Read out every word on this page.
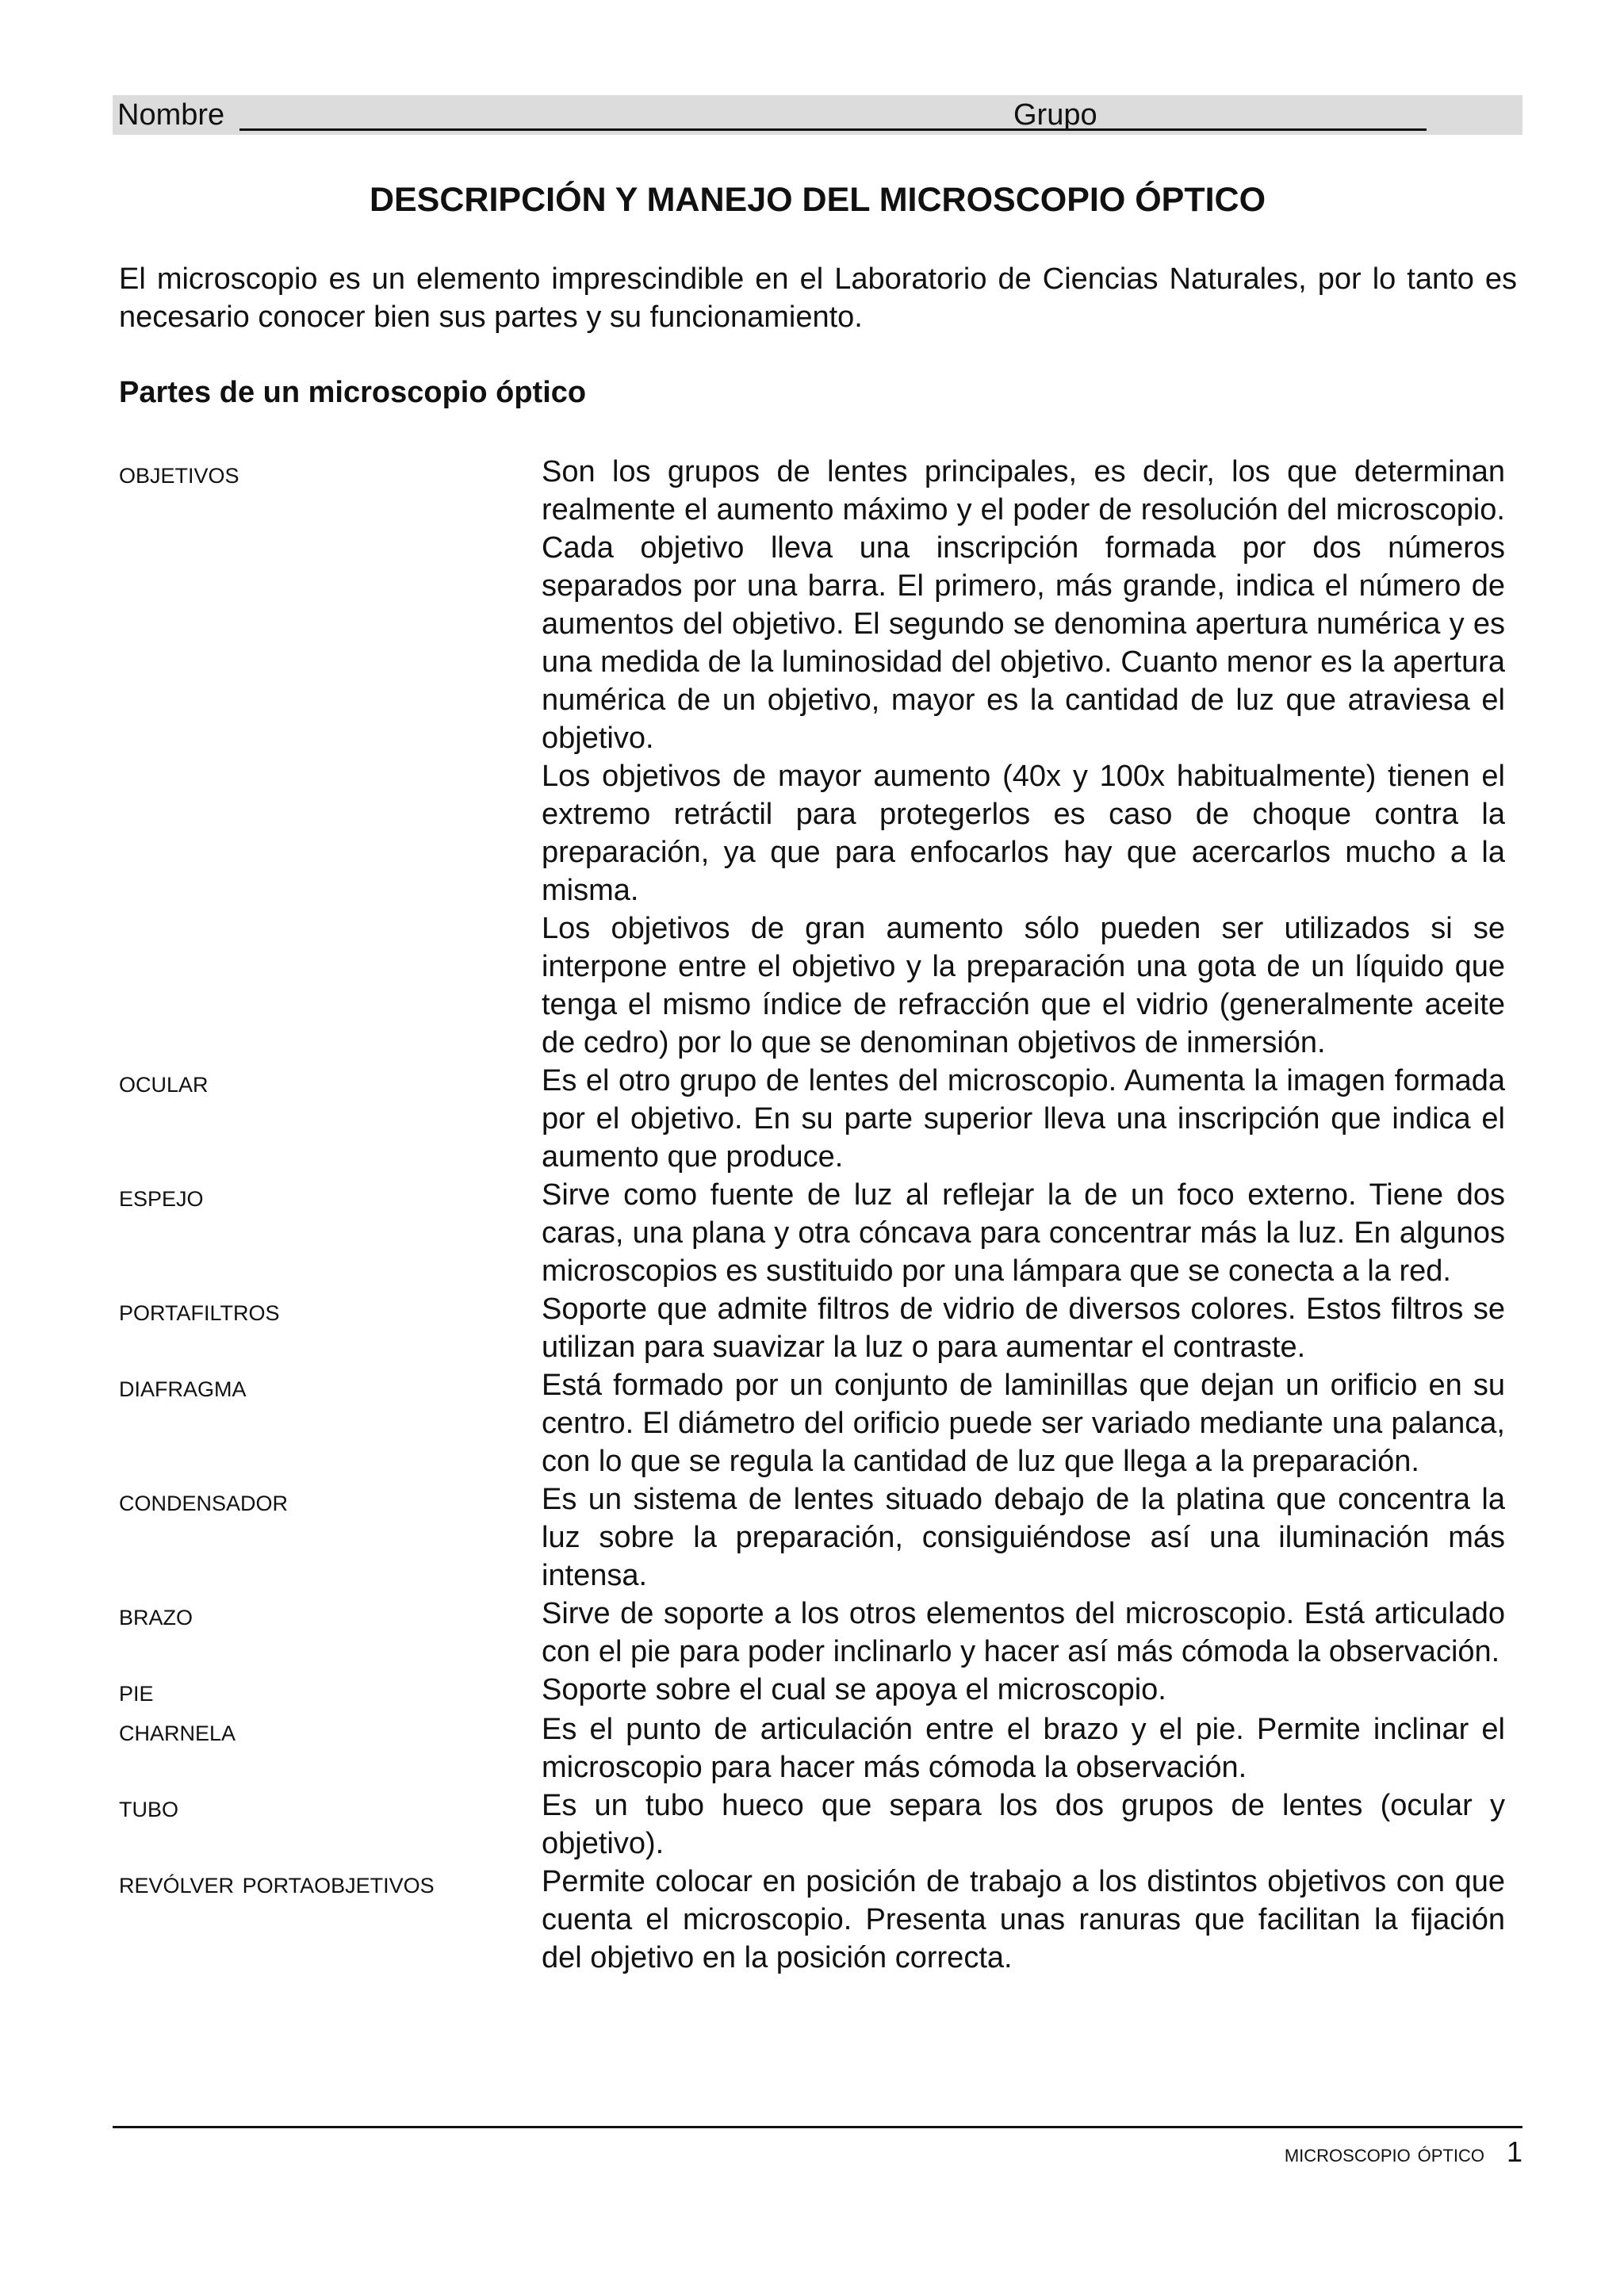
Nombre	Grupo
DESCRIPCIÓN Y MANEJO DEL MICROSCOPIO ÓPTICO
El microscopio es un elemento imprescindible en el Laboratorio de Ciencias Naturales, por lo tanto es necesario conocer bien sus partes y su funcionamiento.
Partes de un microscopio óptico
objetivos	Son los grupos de lentes principales, es decir, los que determinan realmente el aumento máximo y el poder de resolución del microscopio. Cada objetivo lleva una inscripción formada por dos números separados por una barra. El primero, más grande, indica el número de aumentos del objetivo. El segundo se denomina apertura numérica y es una medida de la luminosidad del objetivo. Cuanto menor es la apertura numérica de un objetivo, mayor es la cantidad de luz que atraviesa el objetivo.

Los objetivos de mayor aumento (40x y 100x habitualmente) tienen el extremo retráctil para protegerlos es caso de choque contra la preparación, ya que para enfocarlos hay que acercarlos mucho a la misma.

Los objetivos de gran aumento sólo pueden ser utilizados si se interpone entre el objetivo y la preparación una gota de un líquido que tenga el mismo índice de refracción que el vidrio (generalmente aceite de cedro) por lo que se denominan objetivos de inmersión.

ocular	Es el otro grupo de lentes del microscopio. Aumenta la imagen formada por el objetivo. En su parte superior lleva una inscripción que indica el aumento que produce.

espejo	Sirve como fuente de luz al reflejar la de un foco externo. Tiene dos caras, una plana y otra cóncava para concentrar más la luz. En algunos microscopios es sustituido por una lámpara que se conecta a la red.

portafiltros	Soporte que admite filtros de vidrio de diversos colores. Estos filtros se utilizan para suavizar la luz o para aumentar el contraste.

diafragma	Está formado por un conjunto de laminillas que dejan un orificio en su centro. El diámetro del orificio puede ser variado mediante una palanca, con lo que se regula la cantidad de luz que llega a la preparación.

condensador	Es un sistema de lentes situado debajo de la platina que concentra la luz sobre la preparación, consiguiéndose así una iluminación más intensa.

brazo	Sirve de soporte a los otros elementos del microscopio. Está articulado con el pie para poder inclinarlo y hacer así más cómoda la observación.

pie	Soporte sobre el cual se apoya el microscopio.

charnela	Es el punto de articulación entre el brazo y el pie. Permite inclinar el microscopio para hacer más cómoda la observación.

tubo	Es un tubo hueco que separa los dos grupos de lentes (ocular y objetivo).

revólver portaobjetivos	Permite colocar en posición de trabajo a los distintos objetivos con que cuenta el microscopio. Presenta unas ranuras que facilitan la fijación del objetivo en la posición correcta.

microscopio óptico 1
